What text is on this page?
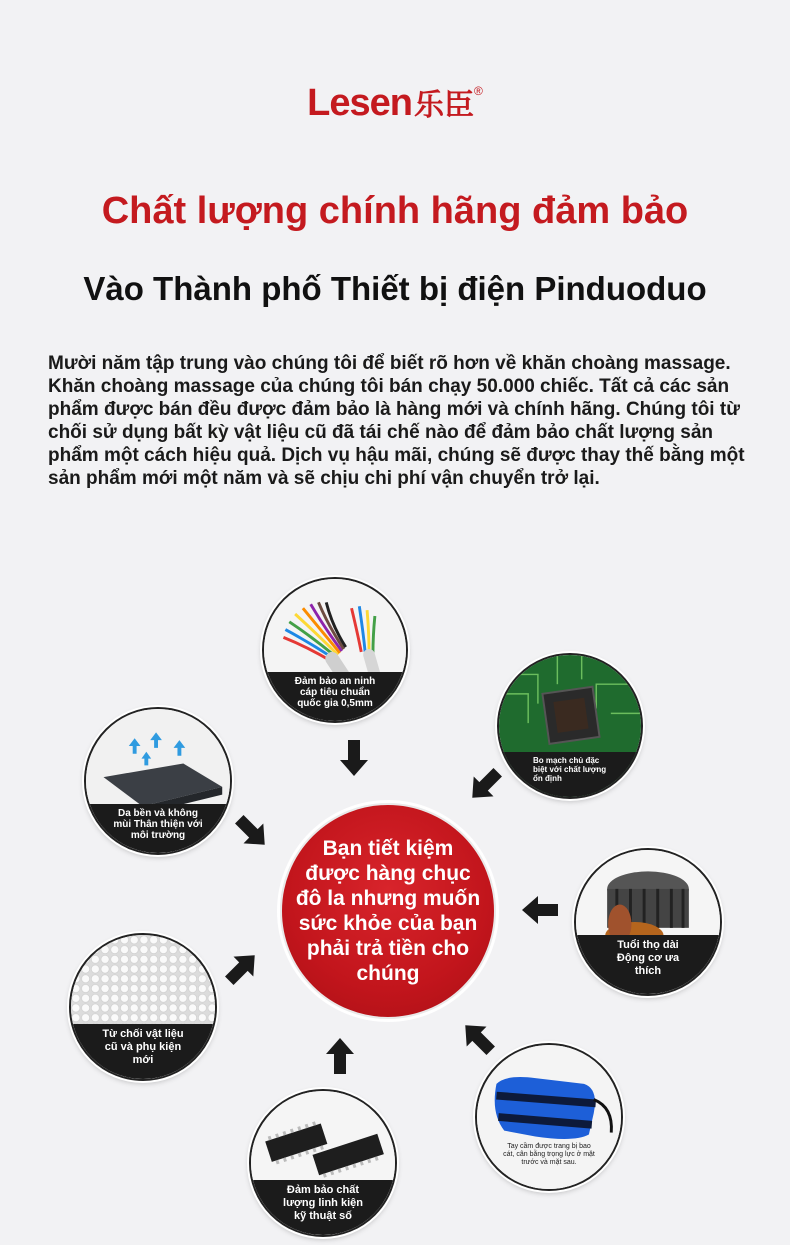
Lesen乐臣®
Chất lượng chính hãng đảm bảo
Vào Thành phố Thiết bị điện Pinduoduo
Mười năm tập trung vào chúng tôi để biết rõ hơn về khăn choàng massage. Khăn choàng massage của chúng tôi bán chạy 50.000 chiếc. Tất cả các sản phẩm được bán đều được đảm bảo là hàng mới và chính hãng. Chúng tôi từ chối sử dụng bất kỳ vật liệu cũ đã tái chế nào để đảm bảo chất lượng sản phẩm một cách hiệu quả. Dịch vụ hậu mãi, chúng sẽ được thay thế bằng một sản phẩm mới một năm và sẽ chịu chi phí vận chuyển trở lại.
Đảm bảo an ninh cáp tiêu chuẩn quốc gia 0,5mm
Bo mạch chủ đặc biệt với chất lượng ổn định
Da bền và không mùi Thân thiện với môi trường
Tuổi thọ dài Động cơ ưa thích
Từ chối vật liệu cũ và phụ kiện mới
Tay cầm được trang bị bao cát, cân bằng trọng lực ở mặt trước và mặt sau.
Đảm bảo chất lượng linh kiện kỹ thuật số
Bạn tiết kiệm được hàng chục đô la nhưng muốn sức khỏe của bạn phải trả tiền cho chúng
